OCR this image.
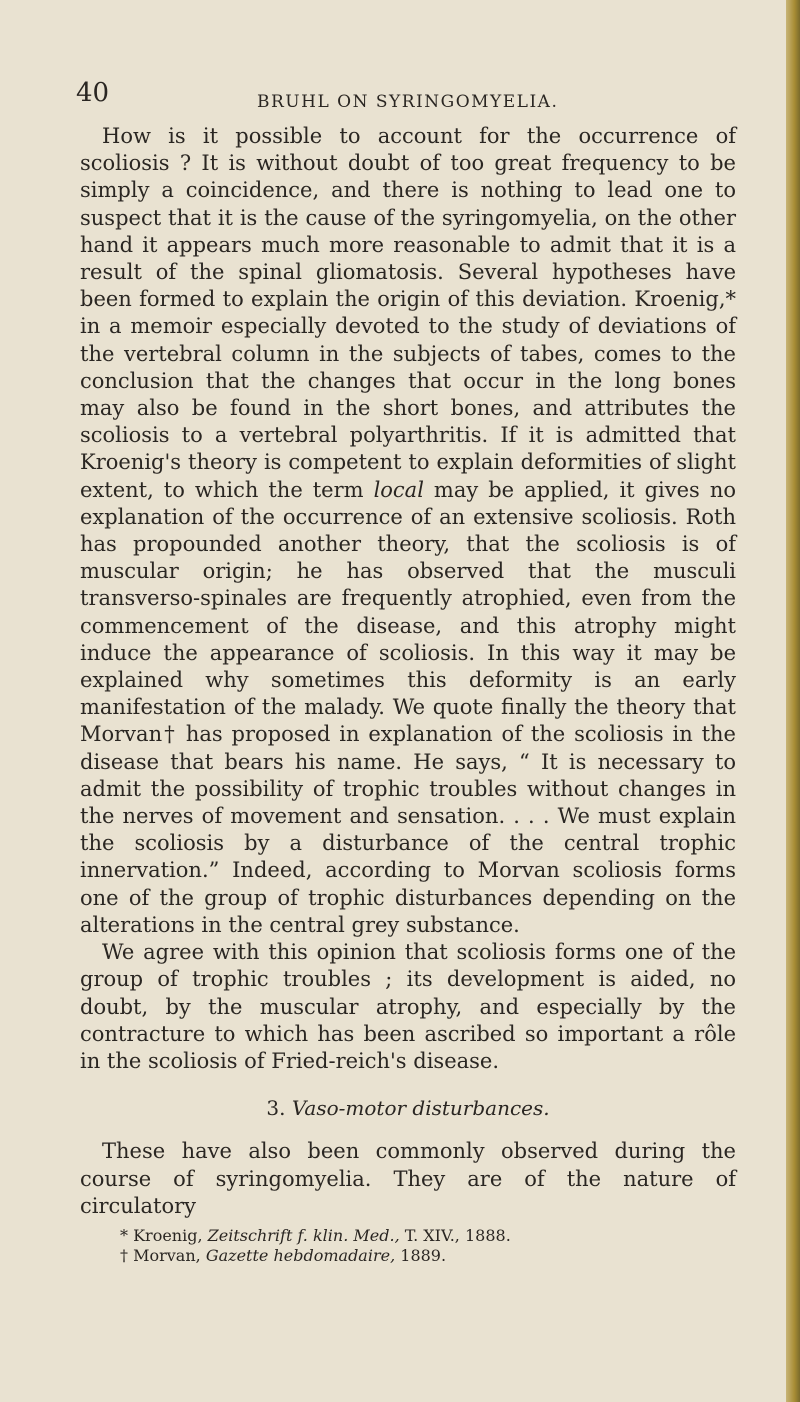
40	BRUHL ON SYRINGOMYELIA.

How is it possible to account for the occurrence of scoliosis ? It is without doubt of too great frequency to be simply a coincidence, and there is nothing to lead one to suspect that it is the cause of the syringomyelia, on the other hand it appears much more reasonable to admit that it is a result of the spinal gliomatosis. Several hypotheses have been formed to explain the origin of this deviation. Kroenig,* in a memoir especially devoted to the study of deviations of the vertebral column in the subjects of tabes, comes to the conclusion that the changes that occur in the long bones may also be found in the short bones, and attributes the scoliosis to a vertebral polyarthritis. If it is admitted that Kroenig's theory is competent to explain deformities of slight extent, to which the term local may be applied, it gives no explanation of the occurrence of an extensive scoliosis. Roth has propounded another theory, that the scoliosis is of muscular origin; he has observed that the musculi transverso-spinales are frequently atrophied, even from the commencement of the disease, and this atrophy might induce the appearance of scoliosis. In this way it may be explained why sometimes this deformity is an early manifestation of the malady. We quote finally the theory that Morvan† has proposed in explanation of the scoliosis in the disease that bears his name. He says, “ It is necessary to admit the possibility of trophic troubles without changes in the nerves of movement and sensation. . . . We must explain the scoliosis by a disturbance of the central trophic innervation.” Indeed, according to Morvan scoliosis forms one of the group of trophic disturbances depending on the alterations in the central grey substance.

We agree with this opinion that scoliosis forms one of the group of trophic troubles ; its development is aided, no doubt, by the muscular atrophy, and especially by the contracture to which has been ascribed so important a rôle in the scoliosis of Fried-reich's disease.

3. Vaso-motor disturbances.

These have also been commonly observed during the course of syringomyelia. They are of the nature of circulatory

* Kroenig, Zeitschrift f. klin. Med., T. XIV., 1888.
† Morvan, Gazette hebdomadaire, 1889.
